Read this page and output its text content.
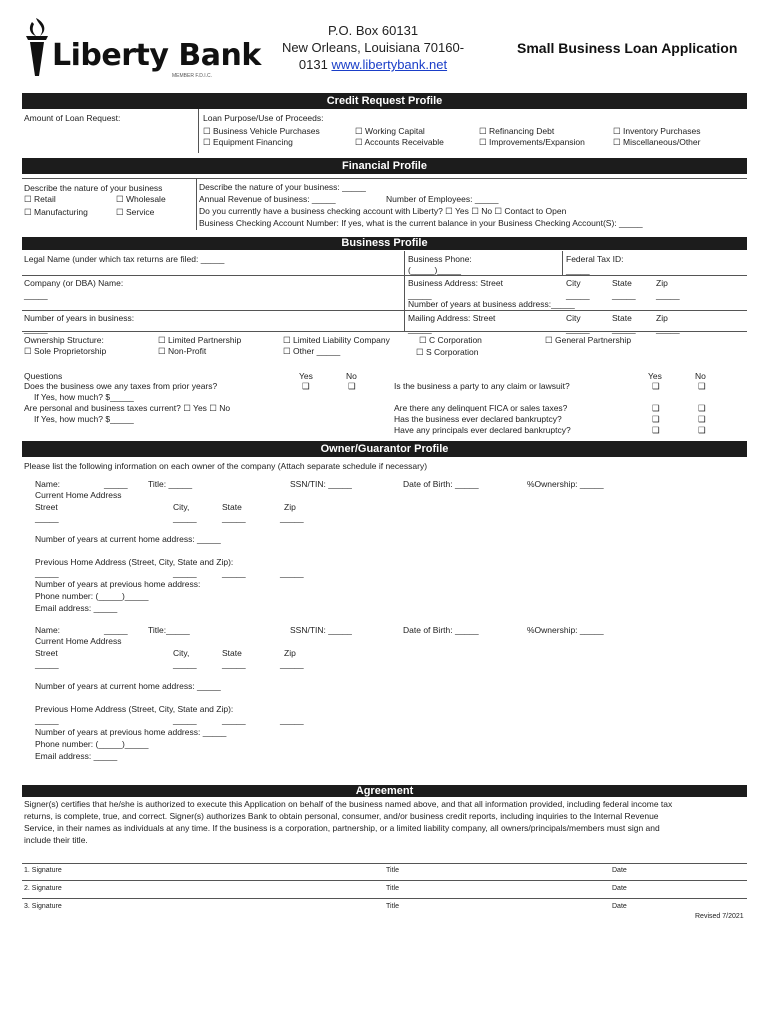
Liberty Bank
MEMBER F.D.I.C.
P.O. Box 60131
New Orleans, Louisiana 70160-
0131 www.libertybank.net
Small Business Loan Application
Credit Request Profile
Amount of Loan Request:	Loan Purpose/Use of Proceeds:
☐ Business Vehicle Purchases	☐ Working Capital	☐ Refinancing Debt	☐ Inventory Purchases
☐ Equipment Financing	☐ Accounts Receivable	☐ Improvements/Expansion	☐ Miscellaneous/Other
Financial Profile
Describe the nature of your business
☐ Retail	☐ Wholesale
☐ Manufacturing	☐ Service
Describe the nature of your business: _____
Annual Revenue of business: _____	Number of Employees: _____
Do you currently have a business checking account with Liberty? ☐ Yes ☐ No ☐ Contact to Open
Business Checking Account Number: If yes, what is the current balance in your Business Checking Account(S): _____
Business Profile
Legal Name (under which tax returns are filed: _____	Business Phone:
(_____)_____
Federal Tax ID:
_____
Company (or DBA) Name:
_____
Business Address: Street	City	State	Zip
_____	_____	_____ _____
Number of years at business address:_____
Number of years in business:
_____
Mailing Address: Street	City	State	Zip
_____	_____	_____ _____
Ownership Structure:
☐ Sole Proprietorship
☐ Limited Partnership
☐ Non-Profit
☐ Limited Liability Company
☐ Other _____
☐ C Corporation
☐ S Corporation
☐ General Partnership
Questions	Yes	No	Yes	No
Does the business owe any taxes from prior years?	❑	❑
If Yes, how much? $_____
Are personal and business taxes current? ☐ Yes ☐ No
If Yes, how much? $_____
Is the business a party to any claim or lawsuit?	❑	❑
Are there any delinquent FICA or sales taxes?	❑	❑
Has the business ever declared bankruptcy?	❑	❑
Have any principals ever declared bankruptcy?	❑	❑
Owner/Guarantor Profile
Please list the following information on each owner of the company (Attach separate schedule if necessary)
Name:	_____ Title: _____	SSN/TIN: _____	Date of Birth: _____	%Ownership: _____
Current Home Address
Street	City,	State	Zip
_____	_____	_____	_____
Number of years at current home address: _____
Previous Home Address (Street, City, State and Zip):
_____	_____	_____	_____
Number of years at previous home address:
Phone number: (_____)_____
Email address: _____
Name:	_____ Title:_____	SSN/TIN: _____	Date of Birth: _____	%Ownership: _____
Current Home Address
Street	City,	State	Zip
_____	_____	_____	_____
Number of years at current home address: _____
Previous Home Address (Street, City, State and Zip):
_____	_____	_____	_____
Number of years at previous home address: _____
Phone number: (_____)_____
Email address: _____
Agreement
Signer(s) certifies that he/she is authorized to execute this Application on behalf of the business named above, and that all information provided, including federal income tax
returns, is complete, true, and correct. Signer(s) authorizes Bank to obtain personal, consumer, and/or business credit reports, including inquiries to the Internal Revenue
Service, in their names as individuals at any time. If the business is a corporation, partnership, or a limited liability company, all owners/principals/members must sign and
include their title.
1. Signature	Title	Date
2. Signature	Title	Date
3. Signature	Title	Date
Revised 7/2021
